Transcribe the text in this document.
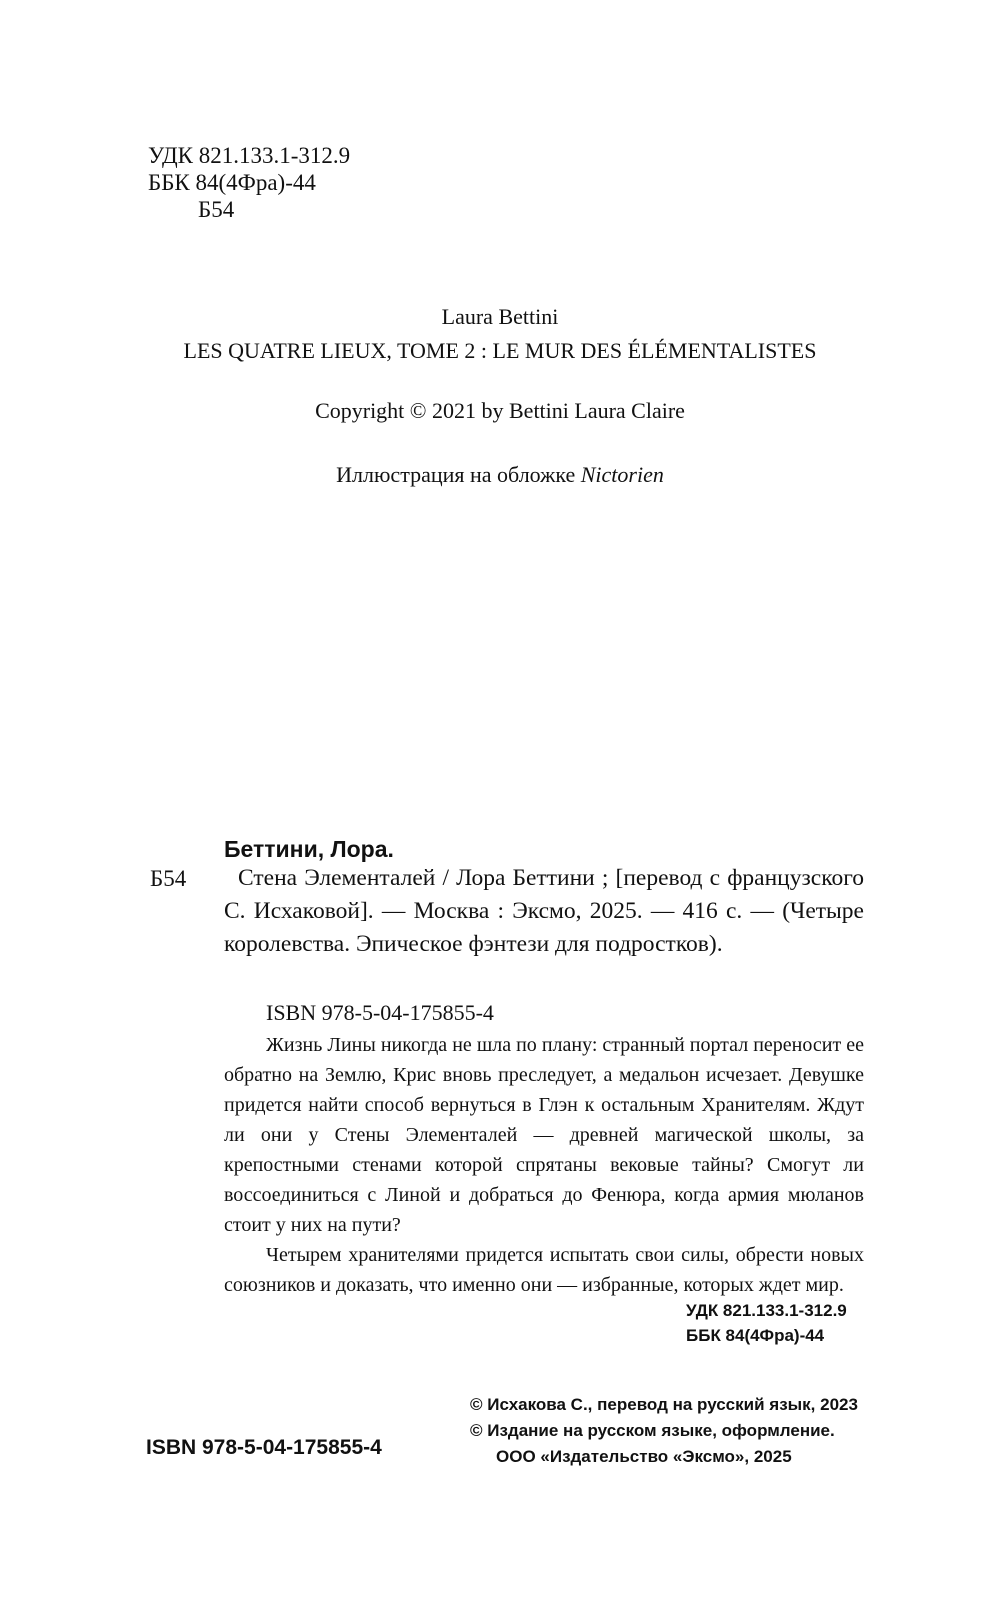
УДК 821.133.1-312.9
ББК 84(4Фра)-44
Б54
Laura Bettini
LES QUATRE LIEUX, TOME 2 : LE MUR DES ÉLÉMENTALISTES
Copyright © 2021 by Bettini Laura Claire
Иллюстрация на обложке Nictorien
Беттини, Лора.
Б54	Стена Элементалей / Лора Беттини ; [перевод с французского С. Исхаковой]. — Москва : Эксмо, 2025. — 416 с. — (Четыре королевства. Эпическое фэнтези для подростков).
ISBN 978-5-04-175855-4

Жизнь Лины никогда не шла по плану: странный портал переносит ее обратно на Землю, Крис вновь преследует, а медальон исчезает. Девушке придется найти способ вернуться в Глэн к остальным Хранителям. Ждут ли они у Стены Элементалей — древней магической школы, за крепостными стенами которой спрятаны вековые тайны? Смогут ли воссоединиться с Линой и добраться до Фенюра, когда армия мюланов стоит у них на пути?

Четырем хранителями придется испытать свои силы, обрести новых союзников и доказать, что именно они — избранные, которых ждет мир.

УДК 821.133.1-312.9
ББК 84(4Фра)-44
ISBN 978-5-04-175855-4
© Исхакова С., перевод на русский язык, 2023
© Издание на русском языке, оформление.
ООО «Издательство «Эксмо», 2025
